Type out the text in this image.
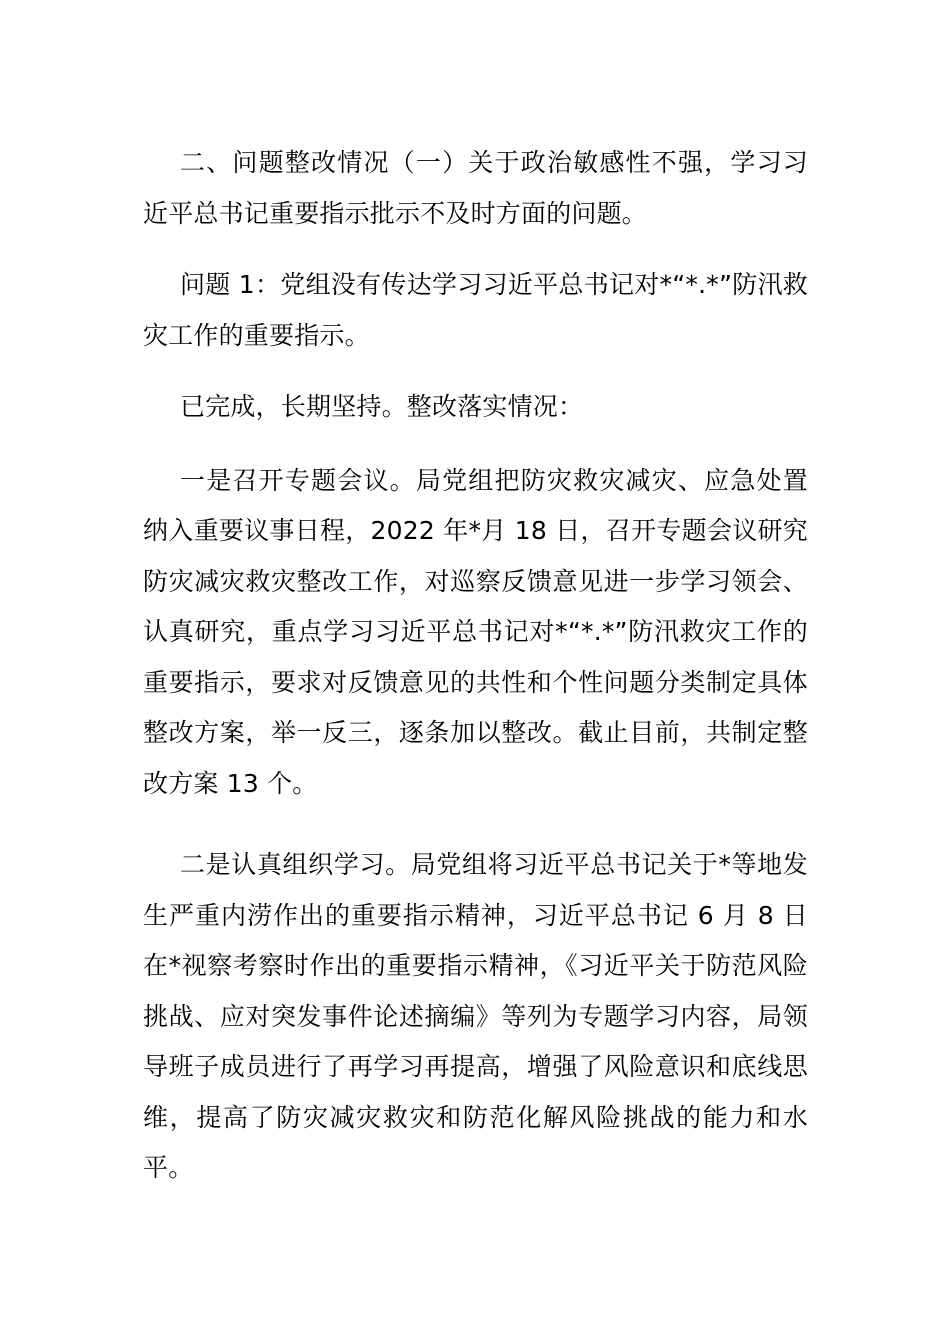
二、问题整改情况（一）关于政治敏感性不强，学习习近平总书记重要指示批示不及时方面的问题。

问题 1：党组没有传达学习习近平总书记对*“*.*”防汛救灾工作的重要指示。

已完成，长期坚持。整改落实情况：

一是召开专题会议。局党组把防灾救灾减灾、应急处置纳入重要议事日程，2022 年*月 18 日，召开专题会议研究防灾减灾救灾整改工作，对巡察反馈意见进一步学习领会、认真研究，重点学习习近平总书记对*“*.*”防汛救灾工作的重要指示，要求对反馈意见的共性和个性问题分类制定具体整改方案，举一反三，逐条加以整改。截止目前，共制定整改方案 13 个。

二是认真组织学习。局党组将习近平总书记关于*等地发生严重内涝作出的重要指示精神，习近平总书记 6 月 8 日在*视察考察时作出的重要指示精神，《习近平关于防范风险挑战、应对突发事件论述摘编》等列为专题学习内容，局领导班子成员进行了再学习再提高，增强了风险意识和底线思维，提高了防灾减灾救灾和防范化解风险挑战的能力和水平。
